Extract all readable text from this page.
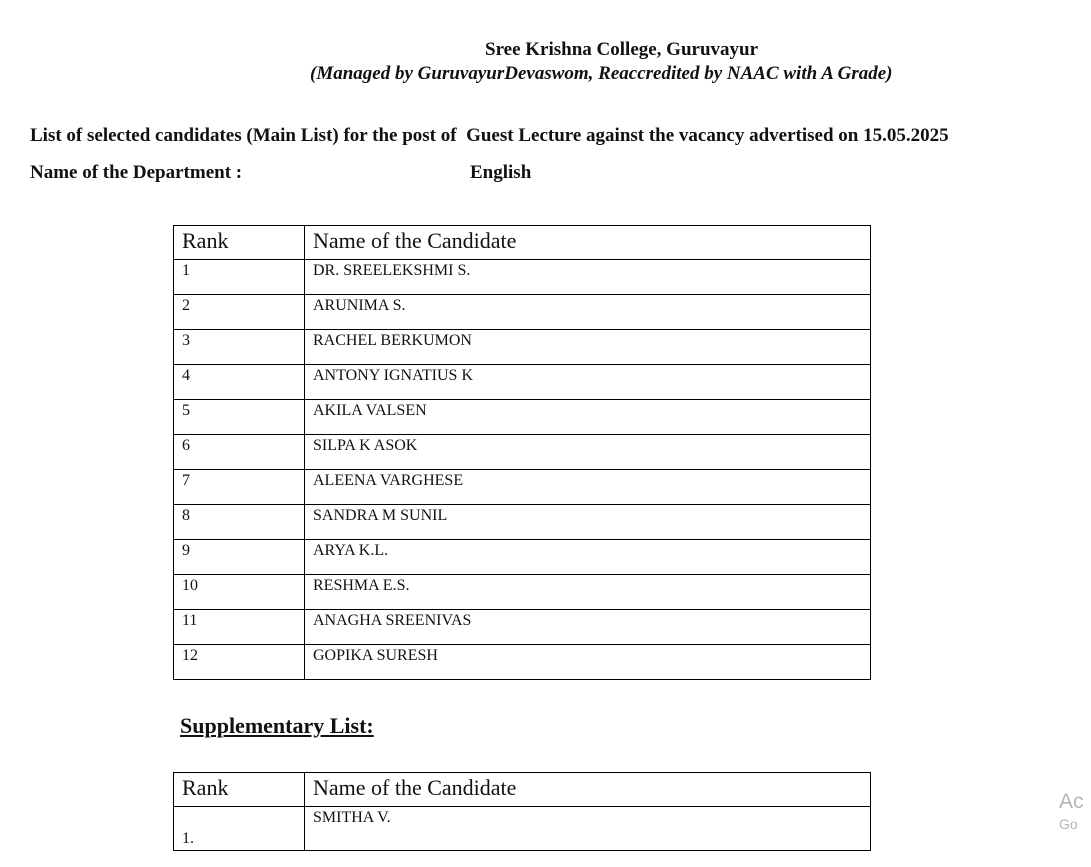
Sree Krishna College, Guruvayur
(Managed by GuruvayurDevaswom, Reaccredited by NAAC with A Grade)
List of selected candidates (Main List) for the post of  Guest Lecture against the vacancy advertised on 15.05.2025
Name of the Department :	English
Rank	Name of the Candidate
1	DR. SREELEKSHMI S.
2	ARUNIMA S.
3	RACHEL BERKUMON
4	ANTONY IGNATIUS K
5	AKILA VALSEN
6	SILPA K ASOK
7	ALEENA VARGHESE
8	SANDRA M SUNIL
9	ARYA K.L.
10	RESHMA E.S.
11	ANAGHA SREENIVAS
12	GOPIKA SURESH
Supplementary List:
Rank	Name of the Candidate
1.	SMITHA V.
Ac
Go
